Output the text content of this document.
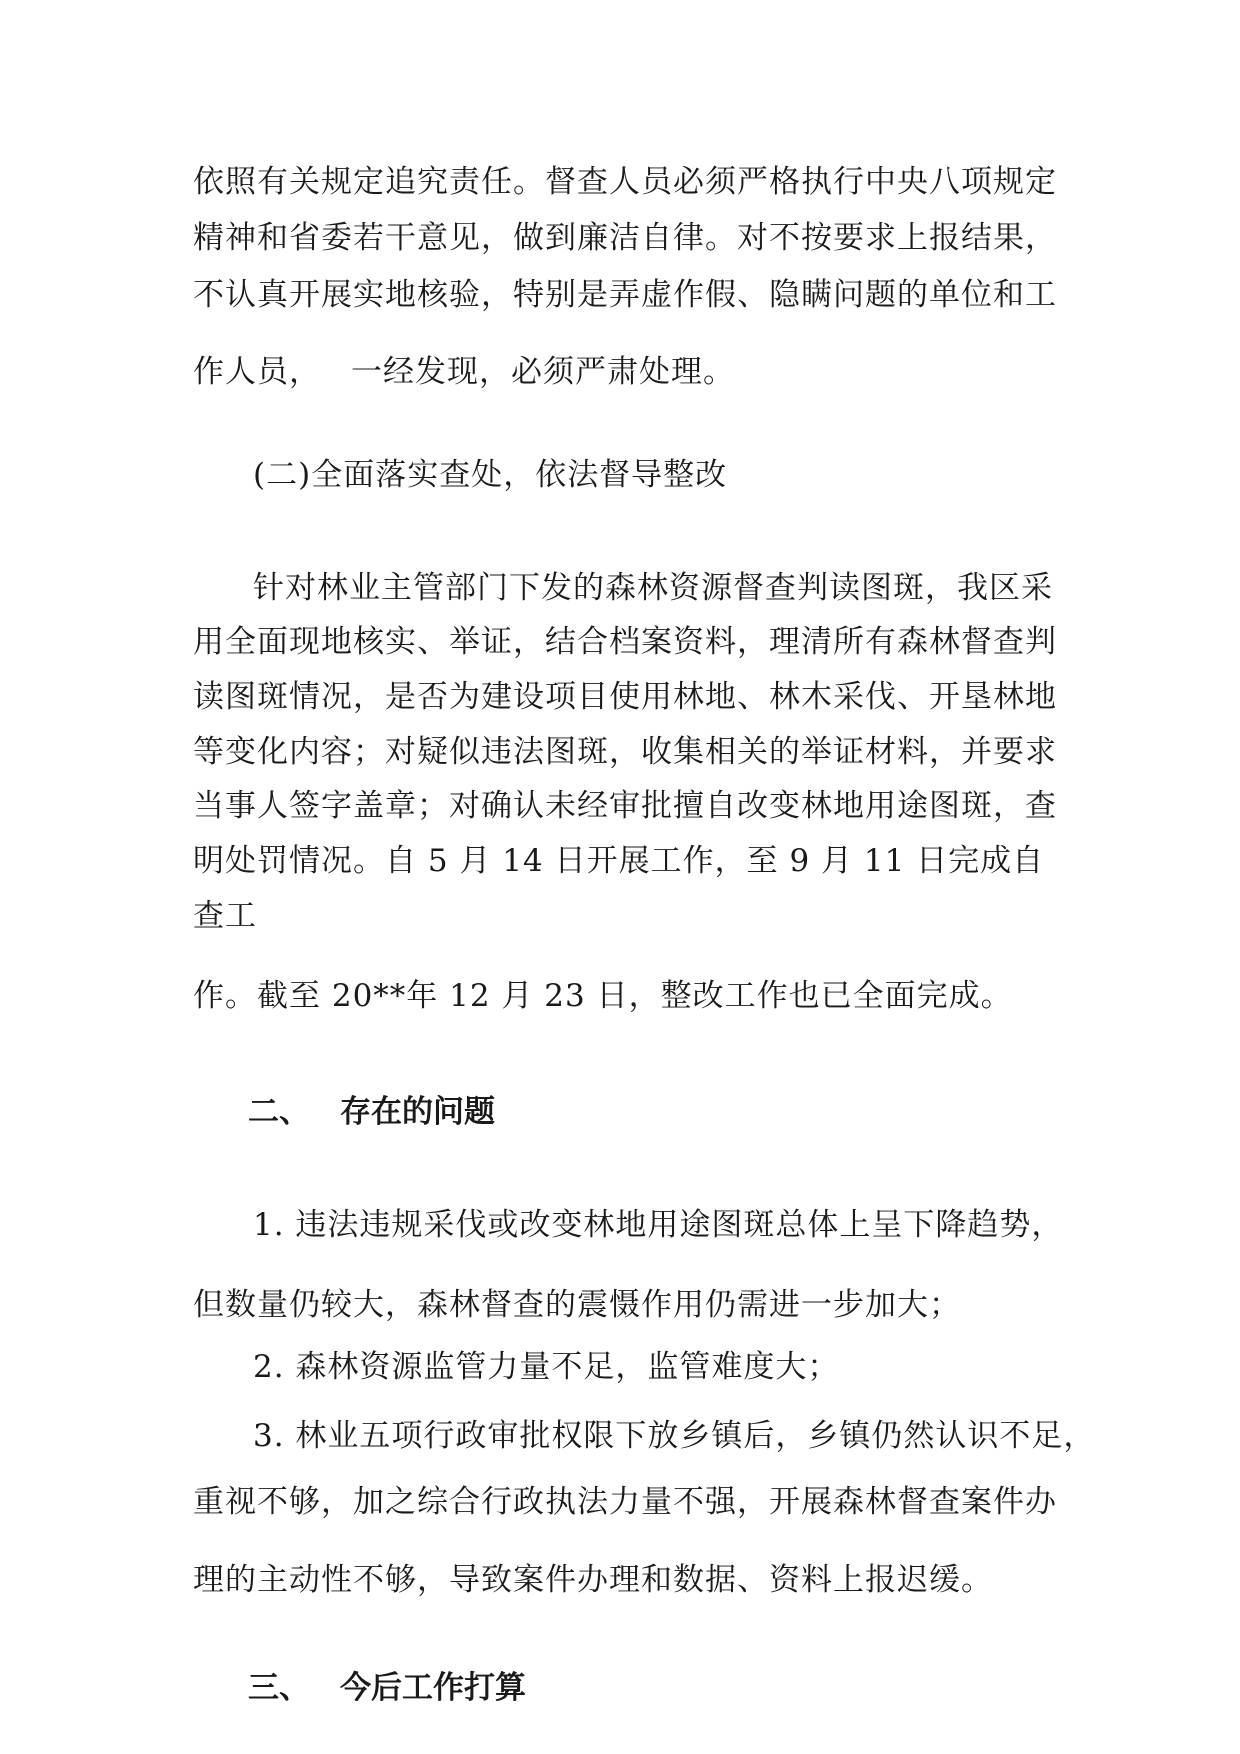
依照有关规定追究责任。督查人员必须严格执行中央八项规定
精神和省委若干意见，做到廉洁自律。对不按要求上报结果，
不认真开展实地核验，特别是弄虚作假、隐瞒问题的单位和工
作人员， 一经发现，必须严肃处理。
(二)全面落实查处，依法督导整改
针对林业主管部门下发的森林资源督查判读图斑，我区采
用全面现地核实、举证，结合档案资料，理清所有森林督查判
读图斑情况，是否为建设项目使用林地、林木采伐、开垦林地
等变化内容；对疑似违法图斑，收集相关的举证材料，并要求
当事人签字盖章；对确认未经审批擅自改变林地用途图斑，查
明处罚情况。自 5 月 14 日开展工作，至 9 月 11 日完成自
查工
作。截至 20**年 12 月 23 日，整改工作也已全面完成。
二、 存在的问题
1. 违法违规采伐或改变林地用途图斑总体上呈下降趋势，
但数量仍较大，森林督查的震慑作用仍需进一步加大；
2. 森林资源监管力量不足，监管难度大；
3. 林业五项行政审批权限下放乡镇后，乡镇仍然认识不足，
重视不够，加之综合行政执法力量不强，开展森林督查案件办
理的主动性不够，导致案件办理和数据、资料上报迟缓。
三、 今后工作打算
